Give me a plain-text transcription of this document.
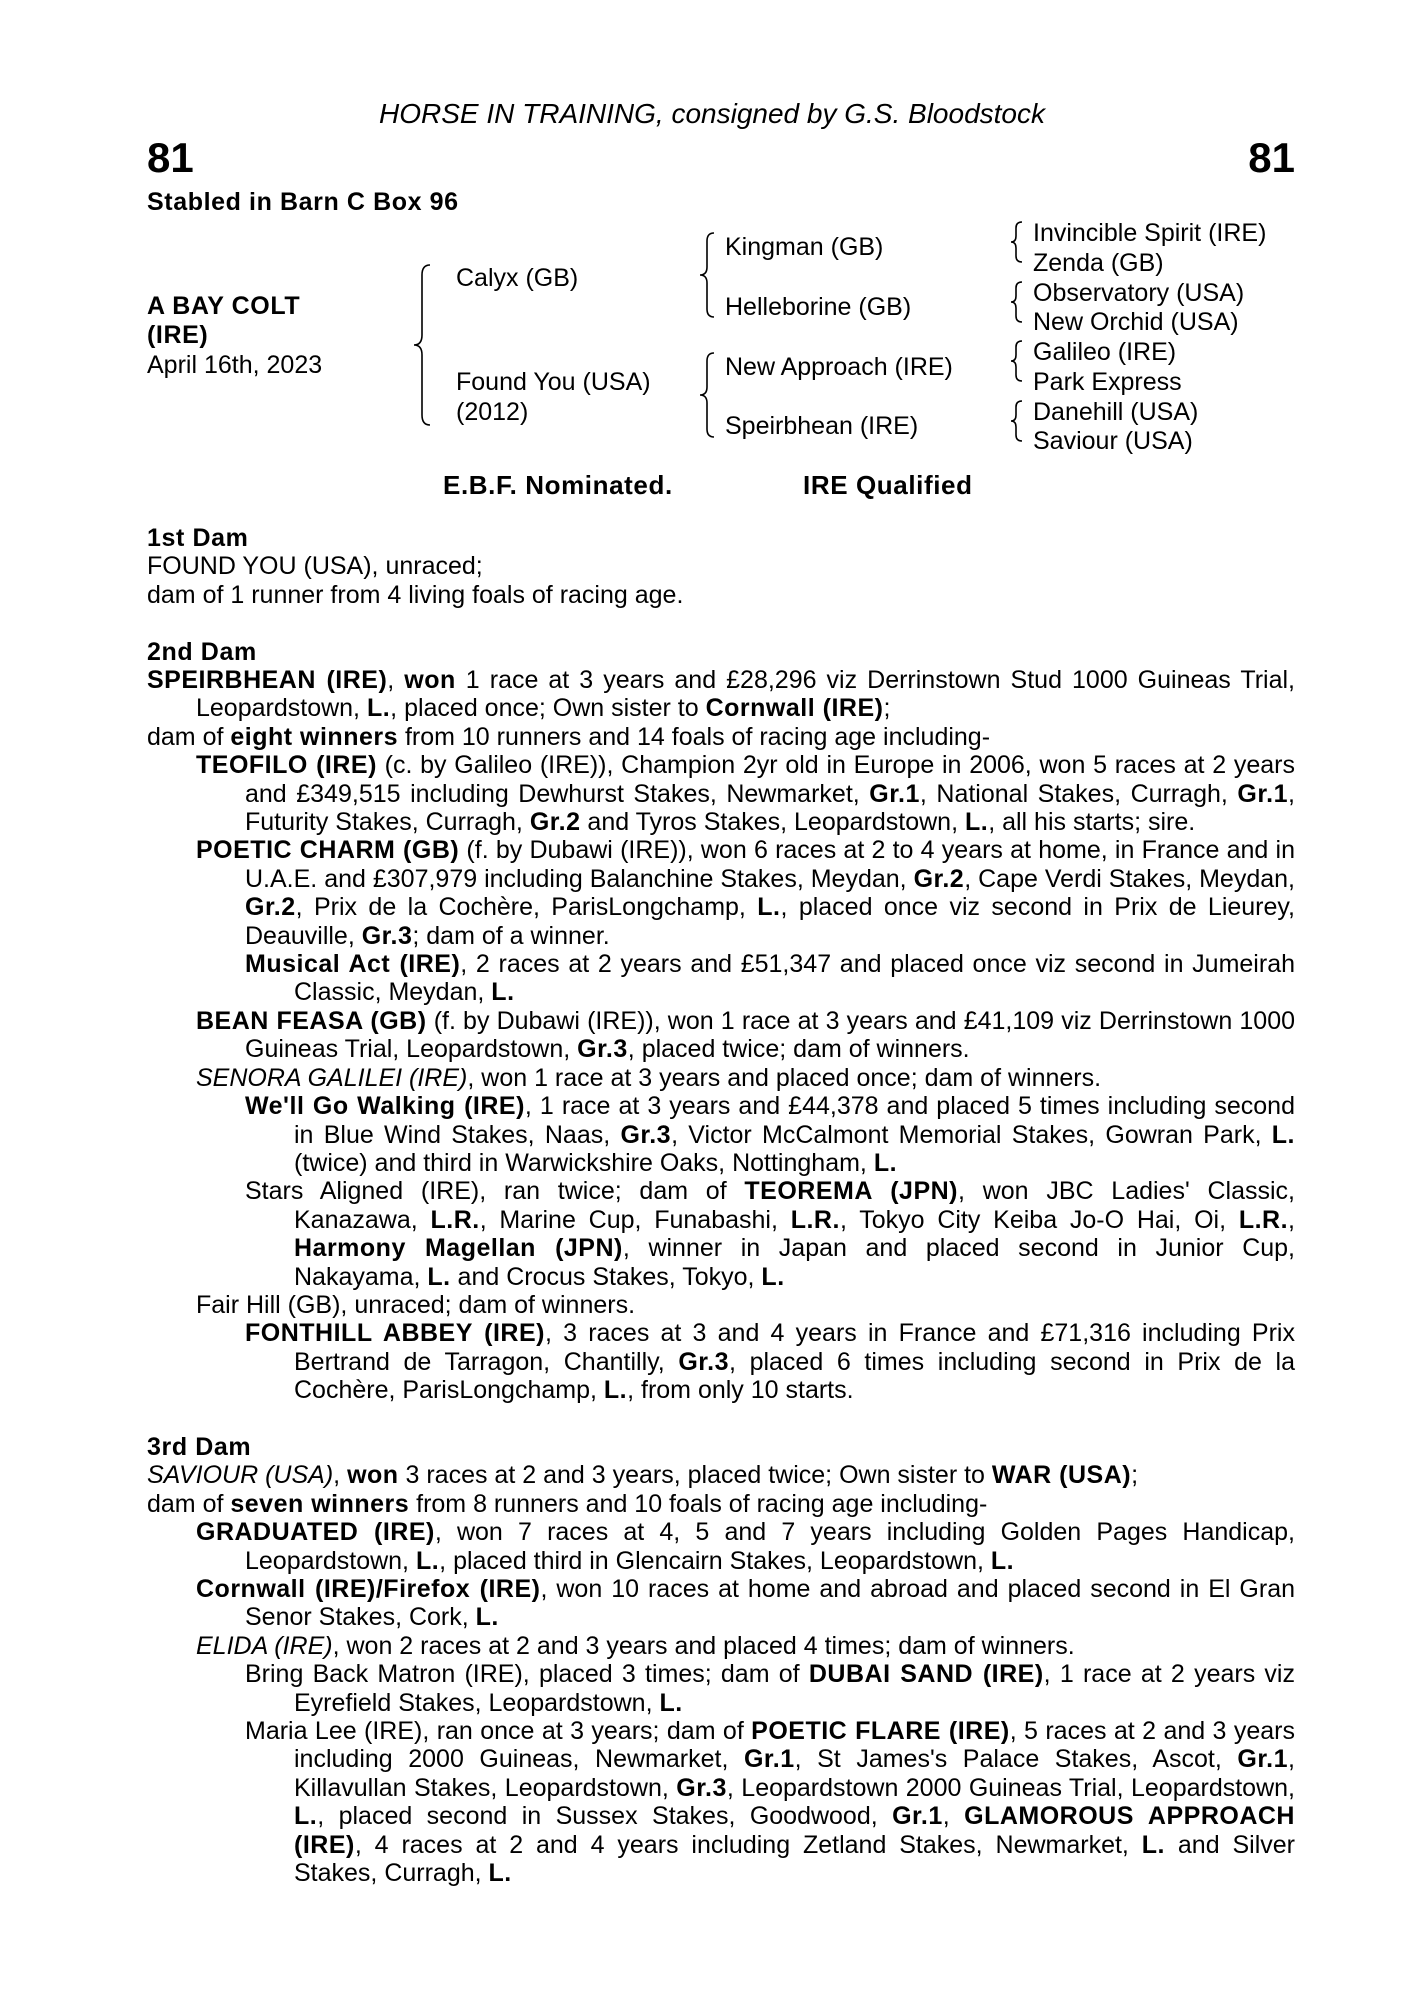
HORSE IN TRAINING, consigned by G.S. Bloodstock
81	81
Stabled in Barn C Box 96
A BAY COLT
(IRE)
April 16th, 2023
Calyx (GB)
Found You (USA)
(2012)
Kingman (GB)
Helleborine (GB)
New Approach (IRE)
Speirbhean (IRE)
Invincible Spirit (IRE)
Zenda (GB)
Observatory (USA)
New Orchid (USA)
Galileo (IRE)
Park Express
Danehill (USA)
Saviour (USA)
E.B.F. Nominated.	IRE Qualified
1st Dam
FOUND YOU (USA), unraced;
dam of 1 runner from 4 living foals of racing age.
2nd Dam
SPEIRBHEAN (IRE), won 1 race at 3 years and £28,296 viz Derrinstown Stud 1000 Guineas Trial, Leopardstown, L., placed once; Own sister to Cornwall (IRE);
dam of eight winners from 10 runners and 14 foals of racing age including-
TEOFILO (IRE) (c. by Galileo (IRE)), Champion 2yr old in Europe in 2006, won 5 races at 2 years and £349,515 including Dewhurst Stakes, Newmarket, Gr.1, National Stakes, Curragh, Gr.1, Futurity Stakes, Curragh, Gr.2 and Tyros Stakes, Leopardstown, L., all his starts; sire.
POETIC CHARM (GB) (f. by Dubawi (IRE)), won 6 races at 2 to 4 years at home, in France and in U.A.E. and £307,979 including Balanchine Stakes, Meydan, Gr.2, Cape Verdi Stakes, Meydan, Gr.2, Prix de la Cochère, ParisLongchamp, L., placed once viz second in Prix de Lieurey, Deauville, Gr.3; dam of a winner.
Musical Act (IRE), 2 races at 2 years and £51,347 and placed once viz second in Jumeirah Classic, Meydan, L.
BEAN FEASA (GB) (f. by Dubawi (IRE)), won 1 race at 3 years and £41,109 viz Derrinstown 1000 Guineas Trial, Leopardstown, Gr.3, placed twice; dam of winners.
SENORA GALILEI (IRE), won 1 race at 3 years and placed once; dam of winners.
We'll Go Walking (IRE), 1 race at 3 years and £44,378 and placed 5 times including second in Blue Wind Stakes, Naas, Gr.3, Victor McCalmont Memorial Stakes, Gowran Park, L. (twice) and third in Warwickshire Oaks, Nottingham, L.
Stars Aligned (IRE), ran twice; dam of TEOREMA (JPN), won JBC Ladies' Classic, Kanazawa, L.R., Marine Cup, Funabashi, L.R., Tokyo City Keiba Jo-O Hai, Oi, L.R., Harmony Magellan (JPN), winner in Japan and placed second in Junior Cup, Nakayama, L. and Crocus Stakes, Tokyo, L.
Fair Hill (GB), unraced; dam of winners.
FONTHILL ABBEY (IRE), 3 races at 3 and 4 years in France and £71,316 including Prix Bertrand de Tarragon, Chantilly, Gr.3, placed 6 times including second in Prix de la Cochère, ParisLongchamp, L., from only 10 starts.
3rd Dam
SAVIOUR (USA), won 3 races at 2 and 3 years, placed twice; Own sister to WAR (USA);
dam of seven winners from 8 runners and 10 foals of racing age including-
GRADUATED (IRE), won 7 races at 4, 5 and 7 years including Golden Pages Handicap, Leopardstown, L., placed third in Glencairn Stakes, Leopardstown, L.
Cornwall (IRE)/Firefox (IRE), won 10 races at home and abroad and placed second in El Gran Senor Stakes, Cork, L.
ELIDA (IRE), won 2 races at 2 and 3 years and placed 4 times; dam of winners.
Bring Back Matron (IRE), placed 3 times; dam of DUBAI SAND (IRE), 1 race at 2 years viz Eyrefield Stakes, Leopardstown, L.
Maria Lee (IRE), ran once at 3 years; dam of POETIC FLARE (IRE), 5 races at 2 and 3 years including 2000 Guineas, Newmarket, Gr.1, St James's Palace Stakes, Ascot, Gr.1, Killavullan Stakes, Leopardstown, Gr.3, Leopardstown 2000 Guineas Trial, Leopardstown, L., placed second in Sussex Stakes, Goodwood, Gr.1, GLAMOROUS APPROACH (IRE), 4 races at 2 and 4 years including Zetland Stakes, Newmarket, L. and Silver Stakes, Curragh, L.
